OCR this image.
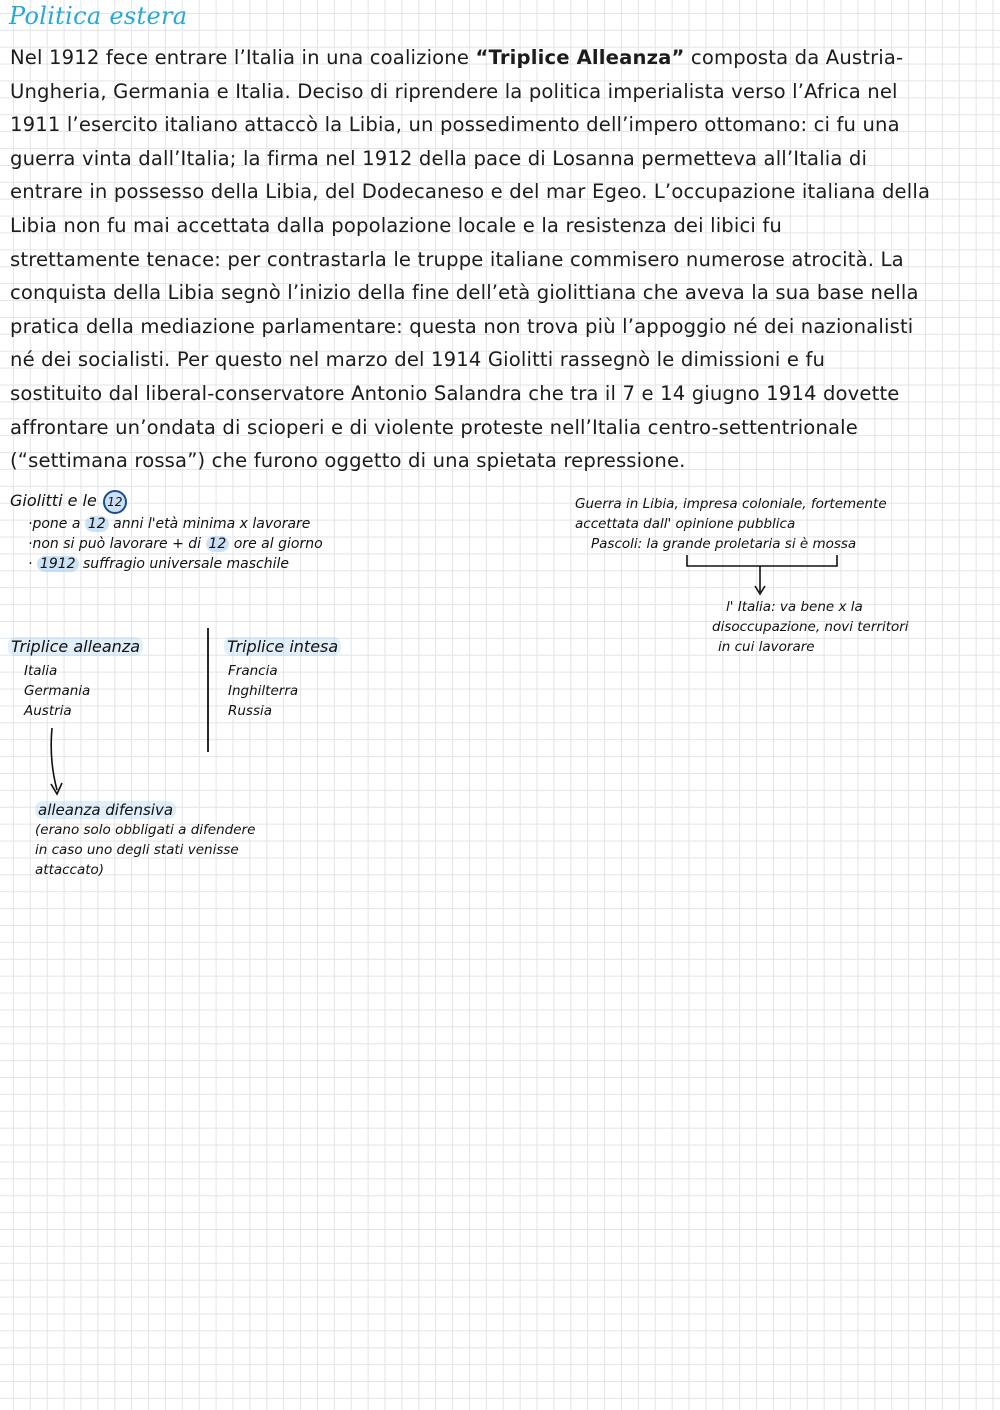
Politica estera
Nel 1912 fece entrare l’Italia in una coalizione “Triplice Alleanza” composta da Austria-
Ungheria, Germania e Italia. Deciso di riprendere la politica imperialista verso l’Africa nel
1911 l’esercito italiano attaccò la Libia, un possedimento dell’impero ottomano: ci fu una
guerra vinta dall’Italia; la firma nel 1912 della pace di Losanna permetteva all’Italia di
entrare in possesso della Libia, del Dodecaneso e del mar Egeo. L’occupazione italiana della
Libia non fu mai accettata dalla popolazione locale e la resistenza dei libici fu
strettamente tenace: per contrastarla le truppe italiane commisero numerose atrocità. La
conquista della Libia segnò l’inizio della fine dell’età giolittiana che aveva la sua base nella
pratica della mediazione parlamentare: questa non trova più l’appoggio né dei nazionalisti
né dei socialisti. Per questo nel marzo del 1914 Giolitti rassegnò le dimissioni e fu
sostituito dal liberal-conservatore Antonio Salandra che tra il 7 e 14 giugno 1914 dovette
affrontare un’ondata di scioperi e di violente proteste nell’Italia centro-settentrionale
(“settimana rossa”) che furono oggetto di una spietata repressione.
Giolitti e le 12
·pone a 12 anni l'età minima x lavorare
·non si può lavorare + di 12 ore al giorno
· 1912 suffragio universale maschile
Guerra in Libia, impresa coloniale, fortemente
accettata dall' opinione pubblica
Pascoli: la grande proletaria si è mossa
l' Italia: va bene x la
disoccupazione, novi territori
in cui lavorare
Triplice alleanza
Italia
Germania
Austria
Triplice intesa
Francia
Inghilterra
Russia
alleanza difensiva
(erano solo obbligati a difendere
in caso uno degli stati venisse
attaccato)
